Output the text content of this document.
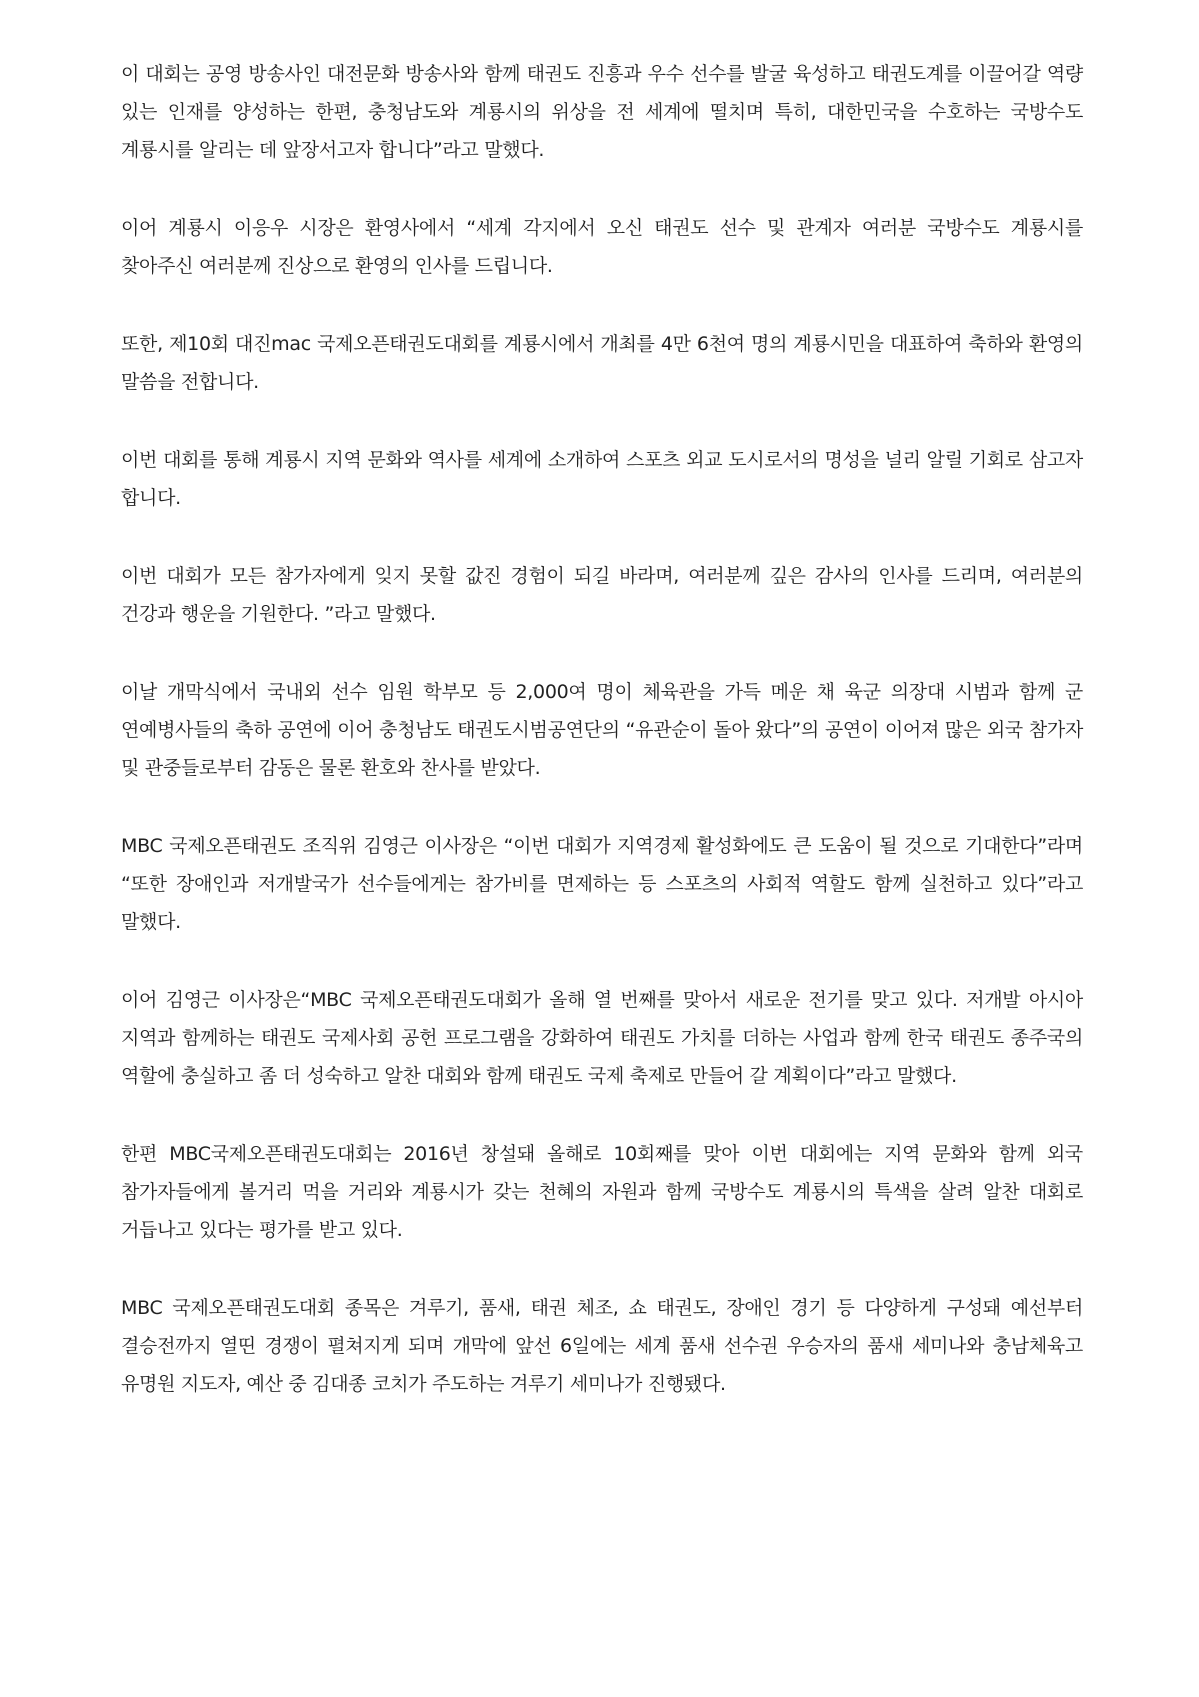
이 대회는 공영 방송사인 대전문화 방송사와 함께 태권도 진흥과 우수 선수를 발굴 육성하고 태권도계를 이끌어갈 역량 있는 인재를 양성하는 한편, 충청남도와 계룡시의 위상을 전 세계에 떨치며 특히, 대한민국을 수호하는 국방수도 계룡시를 알리는 데 앞장서고자 합니다”라고 말했다.

이어 계룡시 이응우 시장은 환영사에서 “세계 각지에서 오신 태권도 선수 및 관계자 여러분 국방수도 계룡시를 찾아주신 여러분께 진상으로 환영의 인사를 드립니다.

또한, 제10회 대진mac 국제오픈태권도대회를 계룡시에서 개최를 4만 6천여 명의 계룡시민을 대표하여 축하와 환영의 말씀을 전합니다.

이번 대회를 통해 계룡시 지역 문화와 역사를 세계에 소개하여 스포츠 외교 도시로서의 명성을 널리 알릴 기회로 삼고자 합니다.

이번 대회가 모든 참가자에게 잊지 못할 값진 경험이 되길 바라며, 여러분께 깊은 감사의 인사를 드리며, 여러분의 건강과 행운을 기원한다. ”라고 말했다.

이날 개막식에서 국내외 선수 임원 학부모 등 2,000여 명이 체육관을 가득 메운 채 육군 의장대 시범과 함께 군 연예병사들의 축하 공연에 이어 충청남도 태권도시범공연단의 “유관순이 돌아 왔다”의 공연이 이어져 많은 외국 참가자 및 관중들로부터 감동은 물론 환호와 찬사를 받았다.

MBC 국제오픈태권도 조직위 김영근 이사장은 “이번 대회가 지역경제 활성화에도 큰 도움이 될 것으로 기대한다”라며 “또한 장애인과 저개발국가 선수들에게는 참가비를 면제하는 등 스포츠의 사회적 역할도 함께 실천하고 있다”라고 말했다.

이어 김영근 이사장은“MBC 국제오픈태권도대회가 올해 열 번째를 맞아서 새로운 전기를 맞고 있다. 저개발 아시아 지역과 함께하는 태권도 국제사회 공헌 프로그램을 강화하여 태권도 가치를 더하는 사업과 함께 한국 태권도 종주국의 역할에 충실하고 좀 더 성숙하고 알찬 대회와 함께 태권도 국제 축제로 만들어 갈 계획이다”라고 말했다.

한편 MBC국제오픈태권도대회는 2016년 창설돼 올해로 10회째를 맞아 이번 대회에는 지역 문화와 함께 외국 참가자들에게 볼거리 먹을 거리와 계룡시가 갖는 천혜의 자원과 함께 국방수도 계룡시의 특색을 살려 알찬 대회로 거듭나고 있다는 평가를 받고 있다.

MBC 국제오픈태권도대회 종목은 겨루기, 품새, 태권 체조, 쇼 태권도, 장애인 경기 등 다양하게 구성돼 예선부터 결승전까지 열띤 경쟁이 펼쳐지게 되며 개막에 앞선 6일에는 세계 품새 선수권 우승자의 품새 세미나와 충남체육고 유명원 지도자, 예산 중 김대종 코치가 주도하는 겨루기 세미나가 진행됐다.
